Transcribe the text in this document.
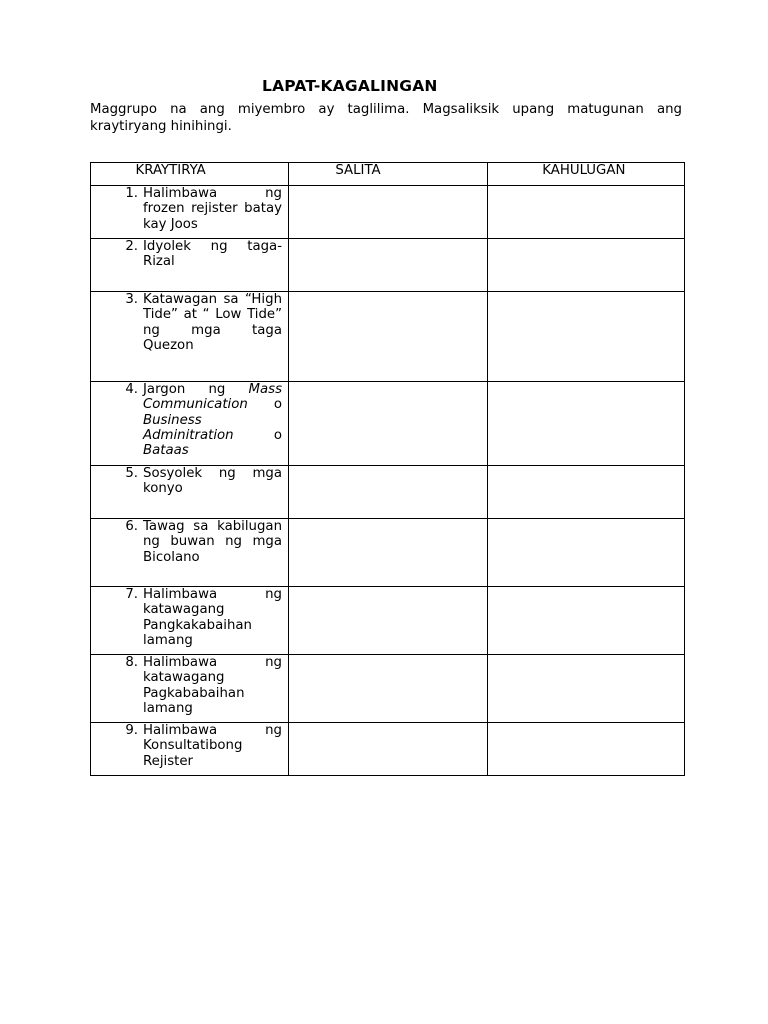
LAPAT-KAGALINGAN
Maggrupo na ang miyembro ay taglilima. Magsaliksik upang matugunan ang kraytiryang hinihingi.
KRAYTIRYA	SALITA	KAHULUGAN

1. Halimbawa ng frozen rejister batay kay Joos		

2. Idyolek ng taga-Rizal		

3. Katawagan sa “High Tide” at “ Low Tide” ng mga taga Quezon		

4. Jargon ng Mass Communication o Business Adminitration o Bataas		

5. Sosyolek ng mga konyo		

6. Tawag sa kabilugan ng buwan ng mga Bicolano		

7. Halimbawa ng katawagang Pangkakabaihan lamang		

8. Halimbawa ng katawagang Pagkababaihan lamang		

9. Halimbawa ng Konsultatibong Rejister		
